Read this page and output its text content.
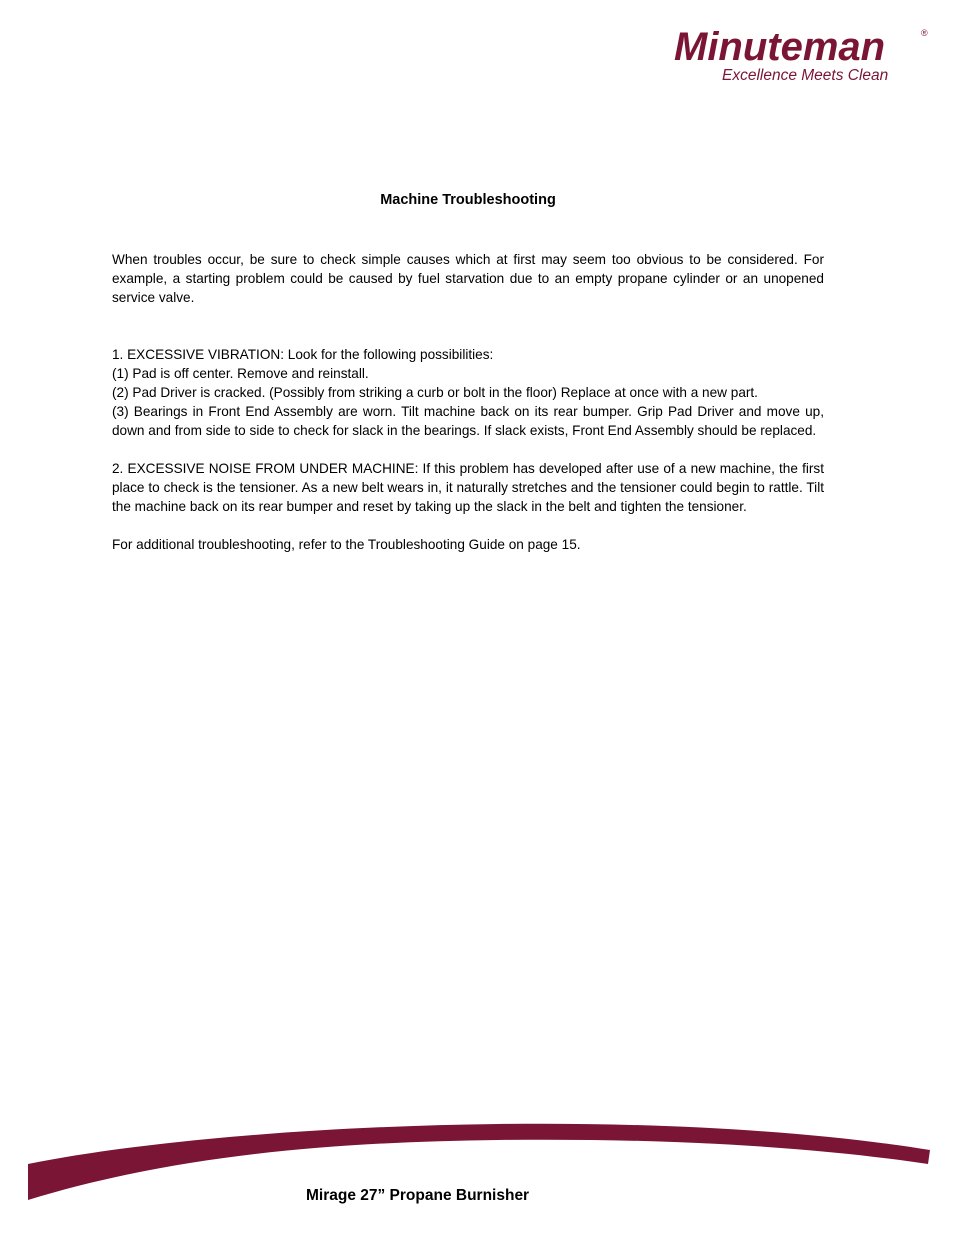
Minuteman	®
Excellence Meets Clean
Machine Troubleshooting

When troubles occur, be sure to check simple causes which at first may seem too obvious to be considered. For example, a starting problem could be caused by fuel starvation due to an empty propane cylinder or an unopened service valve.

1. EXCESSIVE VIBRATION: Look for the following possibilities:
(1) Pad is off center. Remove and reinstall.
(2) Pad Driver is cracked. (Possibly from striking a curb or bolt in the floor) Replace at once with a new part.
(3) Bearings in Front End Assembly are worn. Tilt machine back on its rear bumper. Grip Pad Driver and move up, down and from side to side to check for slack in the bearings. If slack exists, Front End Assembly should be replaced.

2. EXCESSIVE NOISE FROM UNDER MACHINE: If this problem has developed after use of a new machine, the first place to check is the tensioner. As a new belt wears in, it naturally stretches and the tensioner could begin to rattle. Tilt the machine back on its rear bumper and reset by taking up the slack in the belt and tighten the tensioner.

For additional troubleshooting, refer to the Troubleshooting Guide on page 15.

Mirage 27” Propane Burnisher
